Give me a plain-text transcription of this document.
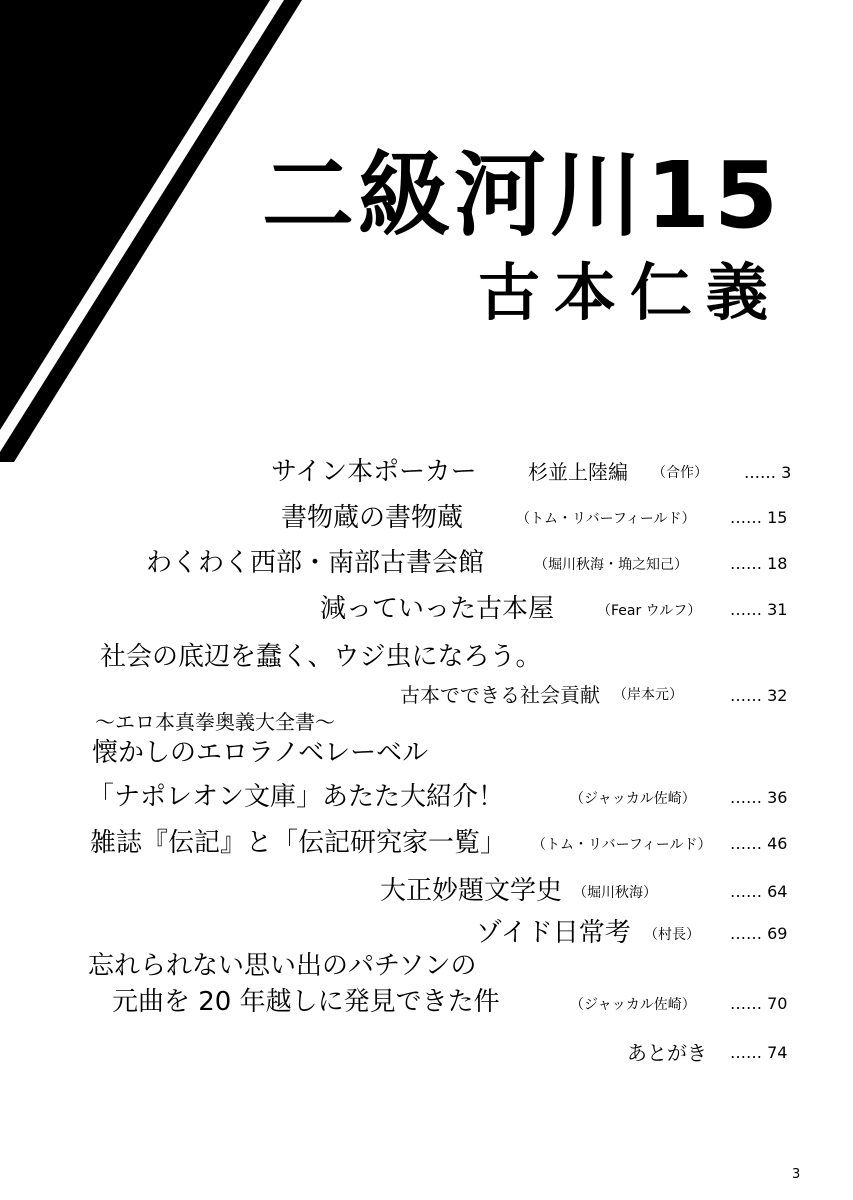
二級河川15
古本仁義
サイン本ポーカー	杉並上陸編 （合作） …… 3
書物蔵の書物蔵	（トム・リバーフィールド） …… 15
わくわく西部・南部古書会館	（堀川秋海・埆之知己）	…… 18
減っていった古本屋	（Fear ウルフ） …… 31
社会の底辺を蠢く、ウジ虫になろう。
古本でできる社会貢献 （岸本元）	…… 32
～エロ本真拳奥義大全書～
懐かしのエロラノベレーベル
「ナポレオン文庫」あたた大紹介！	（ジャッカル佐崎） …… 36
雑誌『伝記』と「伝記研究家一覧」 （トム・リバーフィールド） …… 46
大正妙題文学史 （堀川秋海）	…… 64
ゾイド日常考 （村長） …… 69
忘れられない思い出のパチソンの
元曲を 20 年越しに発見できた件	（ジャッカル佐崎） …… 70
あとがき …… 74
3
